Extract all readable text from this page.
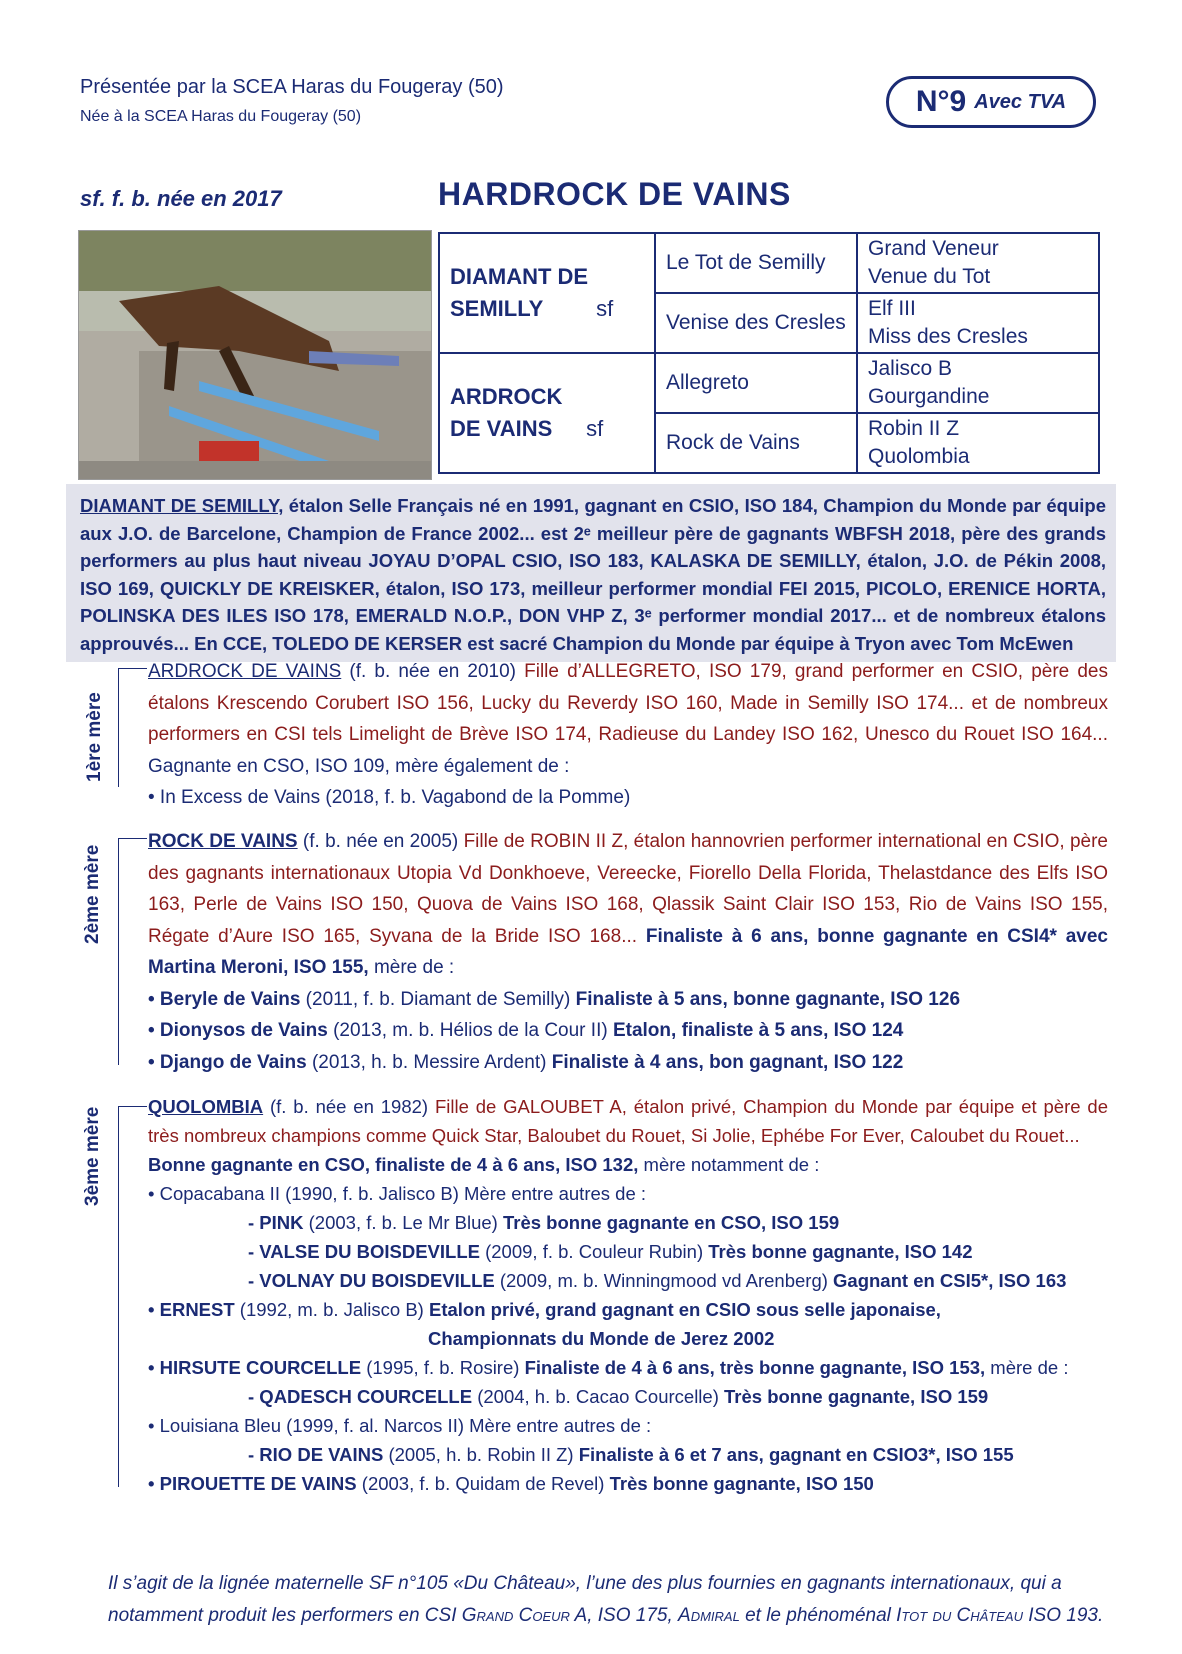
Présentée par la SCEA Haras du Fougeray (50)
Née à la SCEA Haras du Fougeray (50)	N°9 Avec TVA
sf. f. b. née en 2017	HARDROCK DE VAINS
DIAMANT DE SEMILLY sf	Le Tot de Semilly	Grand Veneur
Venue du Tot

	Venise des Cresles	Elf III
Miss des Cresles

ARDROCK DE VAINS sf	Allegreto	Jalisco B
Gourgandine

	Rock de Vains	Robin II Z
Quolombia

DIAMANT DE SEMILLY, étalon Selle Français né en 1991, gagnant en CSIO, ISO 184, Champion du Monde par équipe aux J.O. de Barcelone, Champion de France 2002... est 2ᵉ meilleur père de gagnants WBFSH 2018, père des grands performers au plus haut niveau JOYAU D’OPAL CSIO, ISO 183, KALASKA DE SEMILLY, étalon, J.O. de Pékin 2008, ISO 169, QUICKLY DE KREISKER, étalon, ISO 173, meilleur performer mondial FEI 2015, PICOLO, ERENICE HORTA, POLINSKA DES ILES ISO 178, EMERALD N.O.P., DON VHP Z, 3ᵉ performer mondial 2017... et de nombreux étalons approuvés... En CCE, TOLEDO DE KERSER est sacré Champion du Monde par équipe à Tryon avec Tom McEwen

1ère mère
ARDROCK DE VAINS (f. b. née en 2010) Fille d’ALLEGRETO, ISO 179, grand performer en CSIO, père des étalons Krescendo Corubert ISO 156, Lucky du Reverdy ISO 160, Made in Semilly ISO 174... et de nombreux performers en CSI tels Limelight de Brève ISO 174, Radieuse du Landey ISO 162, Unesco du Rouet ISO 164... Gagnante en CSO, ISO 109, mère également de :
• In Excess de Vains (2018, f. b. Vagabond de la Pomme)
2ème mère
ROCK DE VAINS (f. b. née en 2005) Fille de ROBIN II Z, étalon hannovrien performer international en CSIO, père des gagnants internationaux Utopia Vd Donkhoeve, Vereecke, Fiorello Della Florida, Thelastdance des Elfs ISO 163, Perle de Vains ISO 150, Quova de Vains ISO 168, Qlassik Saint Clair ISO 153, Rio de Vains ISO 155, Régate d’Aure ISO 165, Syvana de la Bride ISO 168... Finaliste à 6 ans, bonne gagnante en CSI4* avec Martina Meroni, ISO 155, mère de :
• Beryle de Vains (2011, f. b. Diamant de Semilly) Finaliste à 5 ans, bonne gagnante, ISO 126
• Dionysos de Vains (2013, m. b. Hélios de la Cour II) Etalon, finaliste à 5 ans, ISO 124
• Django de Vains (2013, h. b. Messire Ardent) Finaliste à 4 ans, bon gagnant, ISO 122
3ème mère
QUOLOMBIA (f. b. née en 1982) Fille de GALOUBET A, étalon privé, Champion du Monde par équipe et père de très nombreux champions comme Quick Star, Baloubet du Rouet, Si Jolie, Ephébe For Ever, Caloubet du Rouet...
Bonne gagnante en CSO, finaliste de 4 à 6 ans, ISO 132, mère notamment de :
• Copacabana II (1990, f. b. Jalisco B) Mère entre autres de :
- PINK (2003, f. b. Le Mr Blue) Très bonne gagnante en CSO, ISO 159
- VALSE DU BOISDEVILLE (2009, f. b. Couleur Rubin) Très bonne gagnante, ISO 142
- VOLNAY DU BOISDEVILLE (2009, m. b. Winningmood vd Arenberg) Gagnant en CSI5*, ISO 163
• ERNEST (1992, m. b. Jalisco B) Etalon privé, grand gagnant en CSIO sous selle japonaise,
Championnats du Monde de Jerez 2002
• HIRSUTE COURCELLE (1995, f. b. Rosire) Finaliste de 4 à 6 ans, très bonne gagnante, ISO 153, mère de :
- QADESCH COURCELLE (2004, h. b. Cacao Courcelle) Très bonne gagnante, ISO 159
• Louisiana Bleu (1999, f. al. Narcos II) Mère entre autres de :
- RIO DE VAINS (2005, h. b. Robin II Z) Finaliste à 6 et 7 ans, gagnant en CSIO3*, ISO 155
• PIROUETTE DE VAINS (2003, f. b. Quidam de Revel) Très bonne gagnante, ISO 150
Il s’agit de la lignée maternelle SF n°105 «Du Château», l’une des plus fournies en gagnants internationaux, qui a notamment produit les performers en CSI Grand Coeur A, ISO 175, Admiral et le phénoménal Itot du Château ISO 193.
